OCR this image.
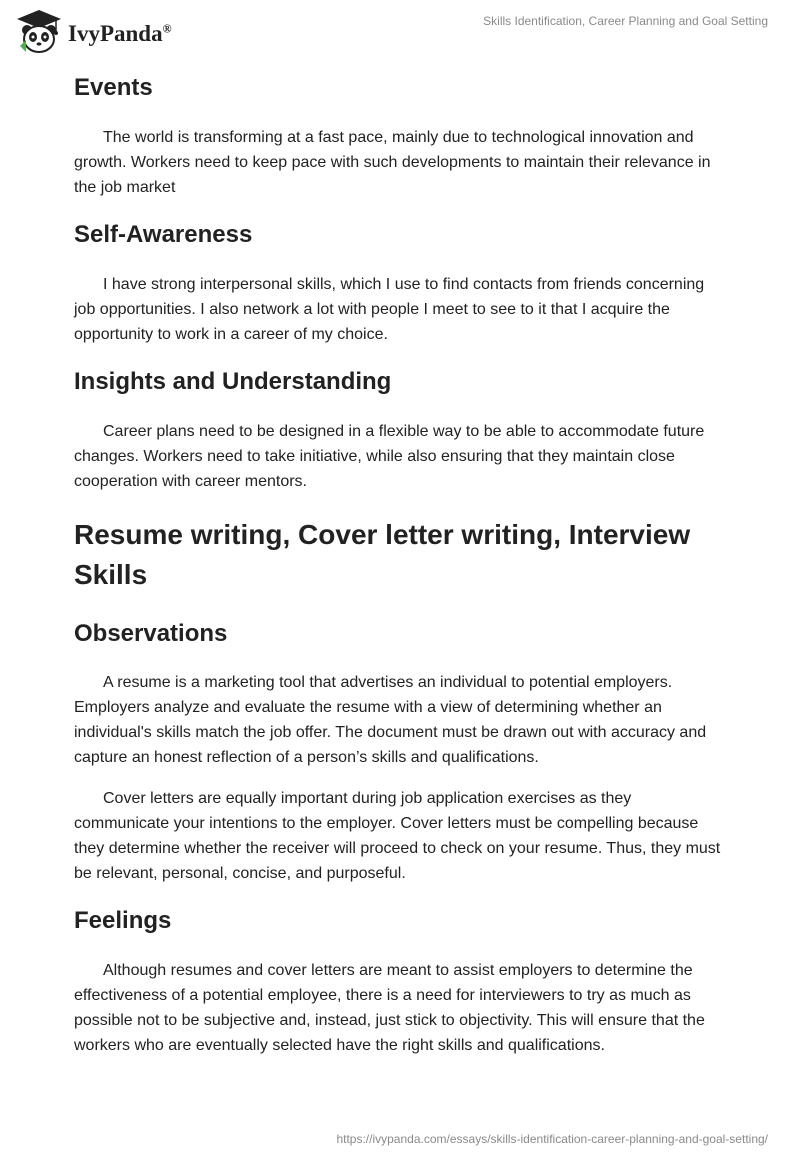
IvyPanda®
Skills Identification, Career Planning and Goal Setting
Events

The world is transforming at a fast pace, mainly due to technological innovation and growth. Workers need to keep pace with such developments to maintain their relevance in the job market

Self-Awareness

I have strong interpersonal skills, which I use to find contacts from friends concerning job opportunities. I also network a lot with people I meet to see to it that I acquire the opportunity to work in a career of my choice.

Insights and Understanding

Career plans need to be designed in a flexible way to be able to accommodate future changes. Workers need to take initiative, while also ensuring that they maintain close cooperation with career mentors.

Resume writing, Cover letter writing, Interview Skills
Observations

A resume is a marketing tool that advertises an individual to potential employers. Employers analyze and evaluate the resume with a view of determining whether an individual's skills match the job offer. The document must be drawn out with accuracy and capture an honest reflection of a person’s skills and qualifications.

Cover letters are equally important during job application exercises as they communicate your intentions to the employer. Cover letters must be compelling because they determine whether the receiver will proceed to check on your resume. Thus, they must be relevant, personal, concise, and purposeful.

Feelings

Although resumes and cover letters are meant to assist employers to determine the effectiveness of a potential employee, there is a need for interviewers to try as much as possible not to be subjective and, instead, just stick to objectivity. This will ensure that the workers who are eventually selected have the right skills and qualifications.

https://ivypanda.com/essays/skills-identification-career-planning-and-goal-setting/
